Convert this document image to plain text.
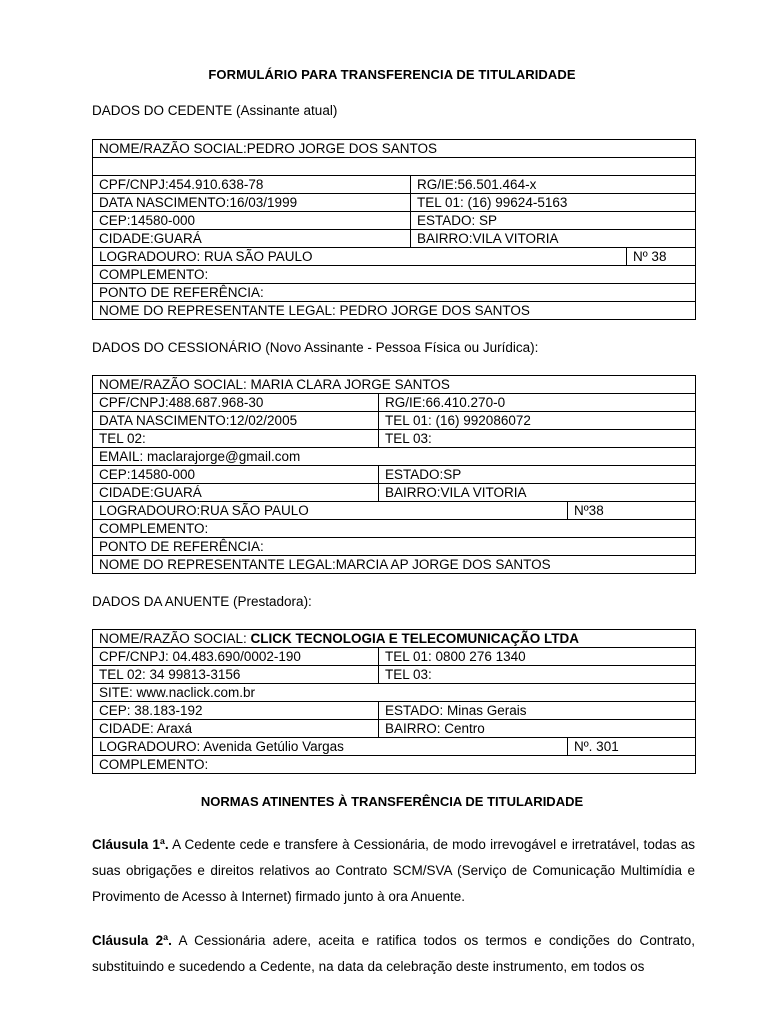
FORMULÁRIO PARA TRANSFERENCIA DE TITULARIDADE
DADOS DO CEDENTE (Assinante atual)
NOME/RAZÃO SOCIAL:PEDRO JORGE DOS SANTOS		

CPF/CNPJ:454.910.638-78	RG/IE:56.501.464-x	
DATA NASCIMENTO:16/03/1999	TEL 01: (16) 99624-5163	
CEP:14580-000	ESTADO: SP	
CIDADE:GUARÁ	BAIRRO:VILA VITORIA	
LOGRADOURO: RUA SÃO PAULO		Nº 38
COMPLEMENTO:		
PONTO DE REFERÊNCIA:		
NOME DO REPRESENTANTE LEGAL: PEDRO JORGE DOS SANTOS		
DADOS DO CESSIONÁRIO (Novo Assinante - Pessoa Física ou Jurídica):
NOME/RAZÃO SOCIAL: MARIA CLARA JORGE SANTOS		
CPF/CNPJ:488.687.968-30	RG/IE:66.410.270-0	
DATA NASCIMENTO:12/02/2005	TEL 01: (16) 992086072	
TEL 02:	TEL 03:	
EMAIL: maclarajorge@gmail.com		
CEP:14580-000	ESTADO:SP	
CIDADE:GUARÁ	BAIRRO:VILA VITORIA	
LOGRADOURO:RUA SÃO PAULO		Nº38
COMPLEMENTO:		
PONTO DE REFERÊNCIA:		
NOME DO REPRESENTANTE LEGAL:MARCIA AP JORGE DOS SANTOS		
DADOS DA ANUENTE (Prestadora):
NOME/RAZÃO SOCIAL: CLICK TECNOLOGIA E TELECOMUNICAÇÃO LTDA		
CPF/CNPJ: 04.483.690/0002-190	TEL 01: 0800 276 1340	
TEL 02: 34 99813-3156	TEL 03:	
SITE: www.naclick.com.br		
CEP: 38.183-192	ESTADO: Minas Gerais	
CIDADE: Araxá	BAIRRO: Centro	
LOGRADOURO: Avenida Getúlio Vargas		Nº. 301
COMPLEMENTO:		
NORMAS ATINENTES À TRANSFERÊNCIA DE TITULARIDADE
Cláusula 1ª. A Cedente cede e transfere à Cessionária, de modo irrevogável e irretratável, todas as suas obrigações e direitos relativos ao Contrato SCM/SVA (Serviço de Comunicação Multimídia e Provimento de Acesso à Internet) firmado junto à ora Anuente.
Cláusula 2ª. A Cessionária adere, aceita e ratifica todos os termos e condições do Contrato, substituindo e sucedendo a Cedente, na data da celebração deste instrumento, em todos os
